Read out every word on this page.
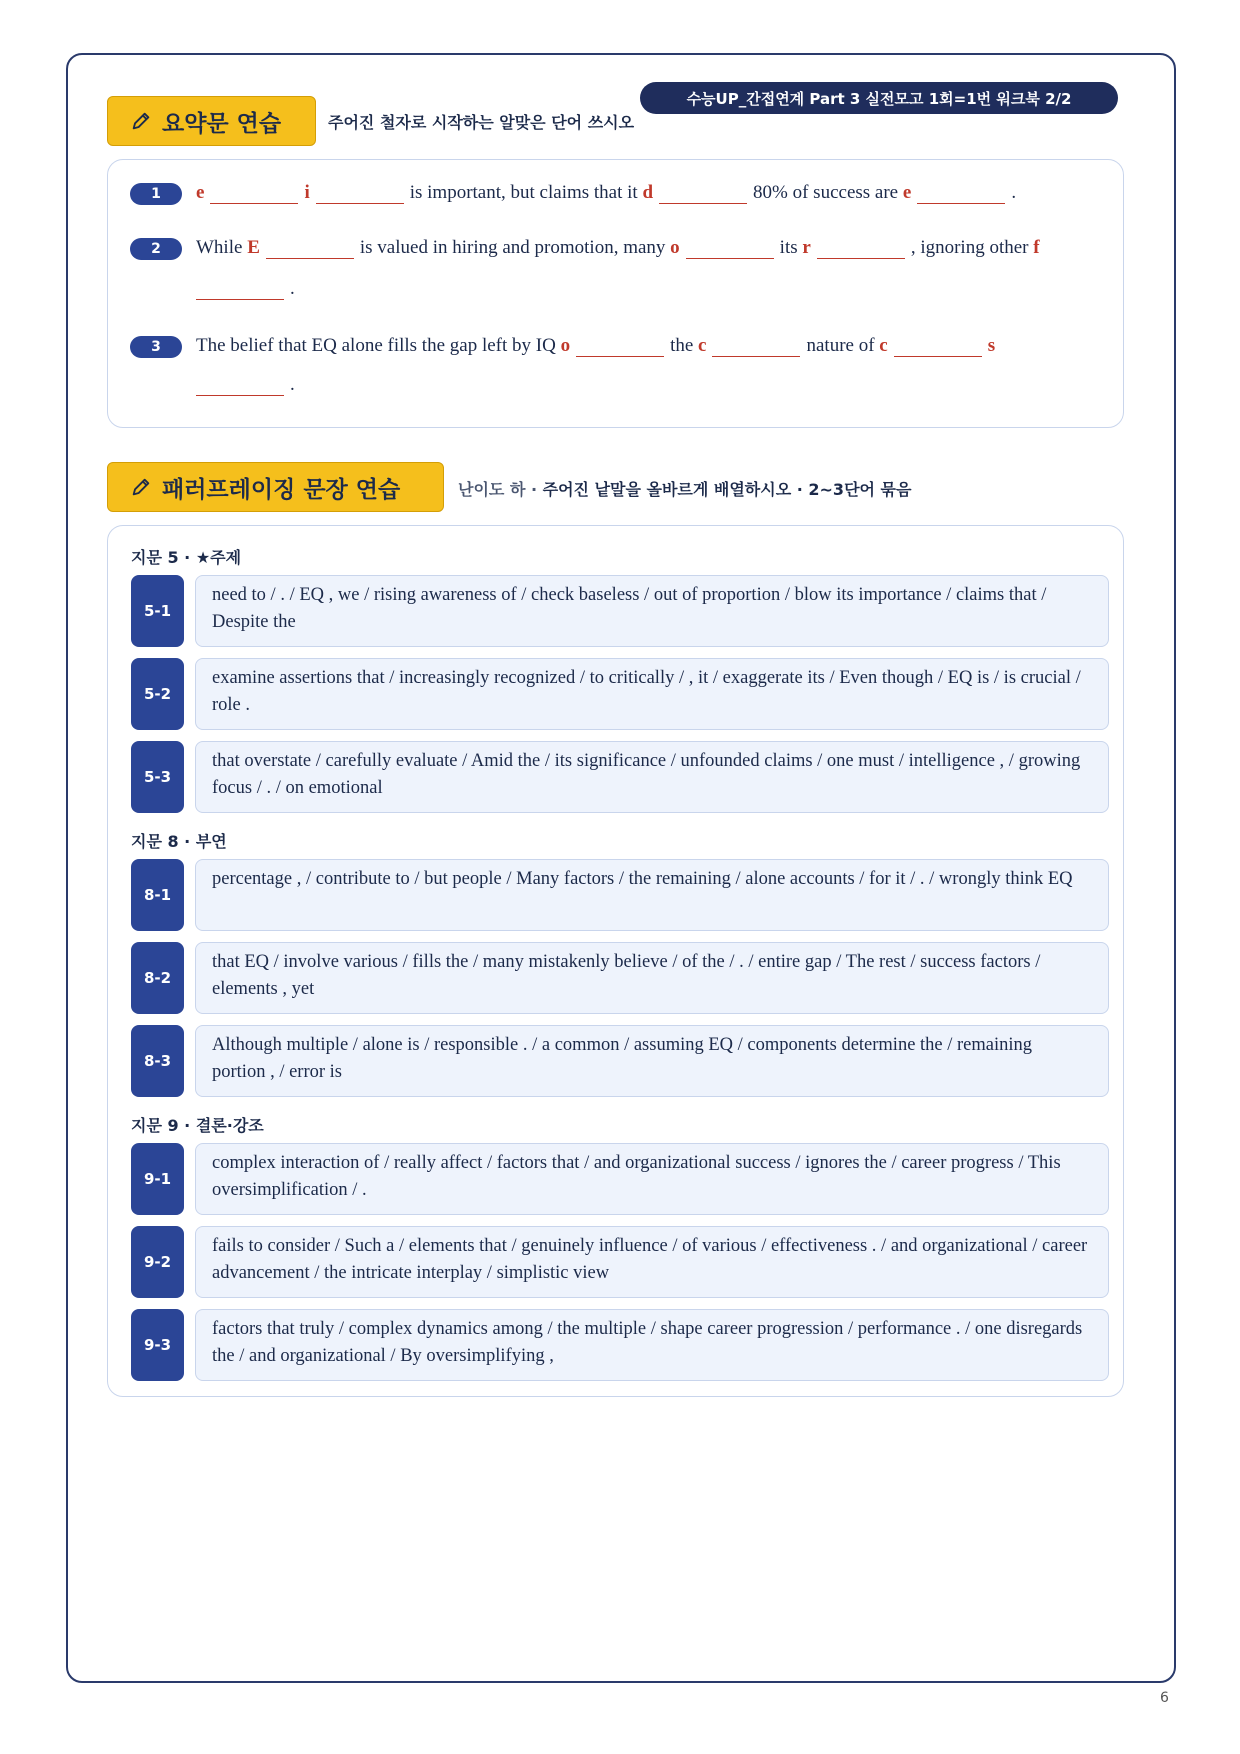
수능UP_간접연계 Part 3 실전모고 1회=1번 워크북 2/2
요약문 연습	주어진 철자로 시작하는 알맞은 단어 쓰시오
1	e	i	is important, but claims that it
d	80% of success are
e	.
2	While
E	is valued in hiring and promotion, many
o	its
r	, ignoring other
f
.
3	The belief that EQ alone fills the gap left by IQ
o	the
c	nature of
c	s
.
패러프레이징 문장 연습	난이도 하 · 주어진 낱말을 올바르게 배열하시오 · 2~3단어 묶음
지문 5 · ★주제
5-1
need to / . / EQ , we / rising awareness of / check baseless / out of proportion / blow its importance / claims that / Despite the
5-2
examine assertions that / increasingly recognized / to critically / , it / exaggerate its / Even though / EQ is / is crucial / role .
5-3
that overstate / carefully evaluate / Amid the / its significance / unfounded claims / one must / intelligence , / growing focus / . / on emotional
지문 8 · 부연
8-1
percentage , / contribute to / but people / Many factors / the remaining / alone accounts / for it / . / wrongly think EQ
8-2
that EQ / involve various / fills the / many mistakenly believe / of the / . / entire gap / The rest / success factors / elements , yet
8-3
Although multiple / alone is / responsible . / a common / assuming EQ / components determine the / remaining portion , / error is
지문 9 · 결론·강조
9-1
complex interaction of / really affect / factors that / and organizational success / ignores the / career progress / This oversimplification / .
9-2
fails to consider / Such a / elements that / genuinely influence / of various / effectiveness . / and organizational / career advancement / the intricate interplay / simplistic view
9-3
factors that truly / complex dynamics among / the multiple / shape career progression / performance . / one disregards the / and organizational / By oversimplifying ,
6
